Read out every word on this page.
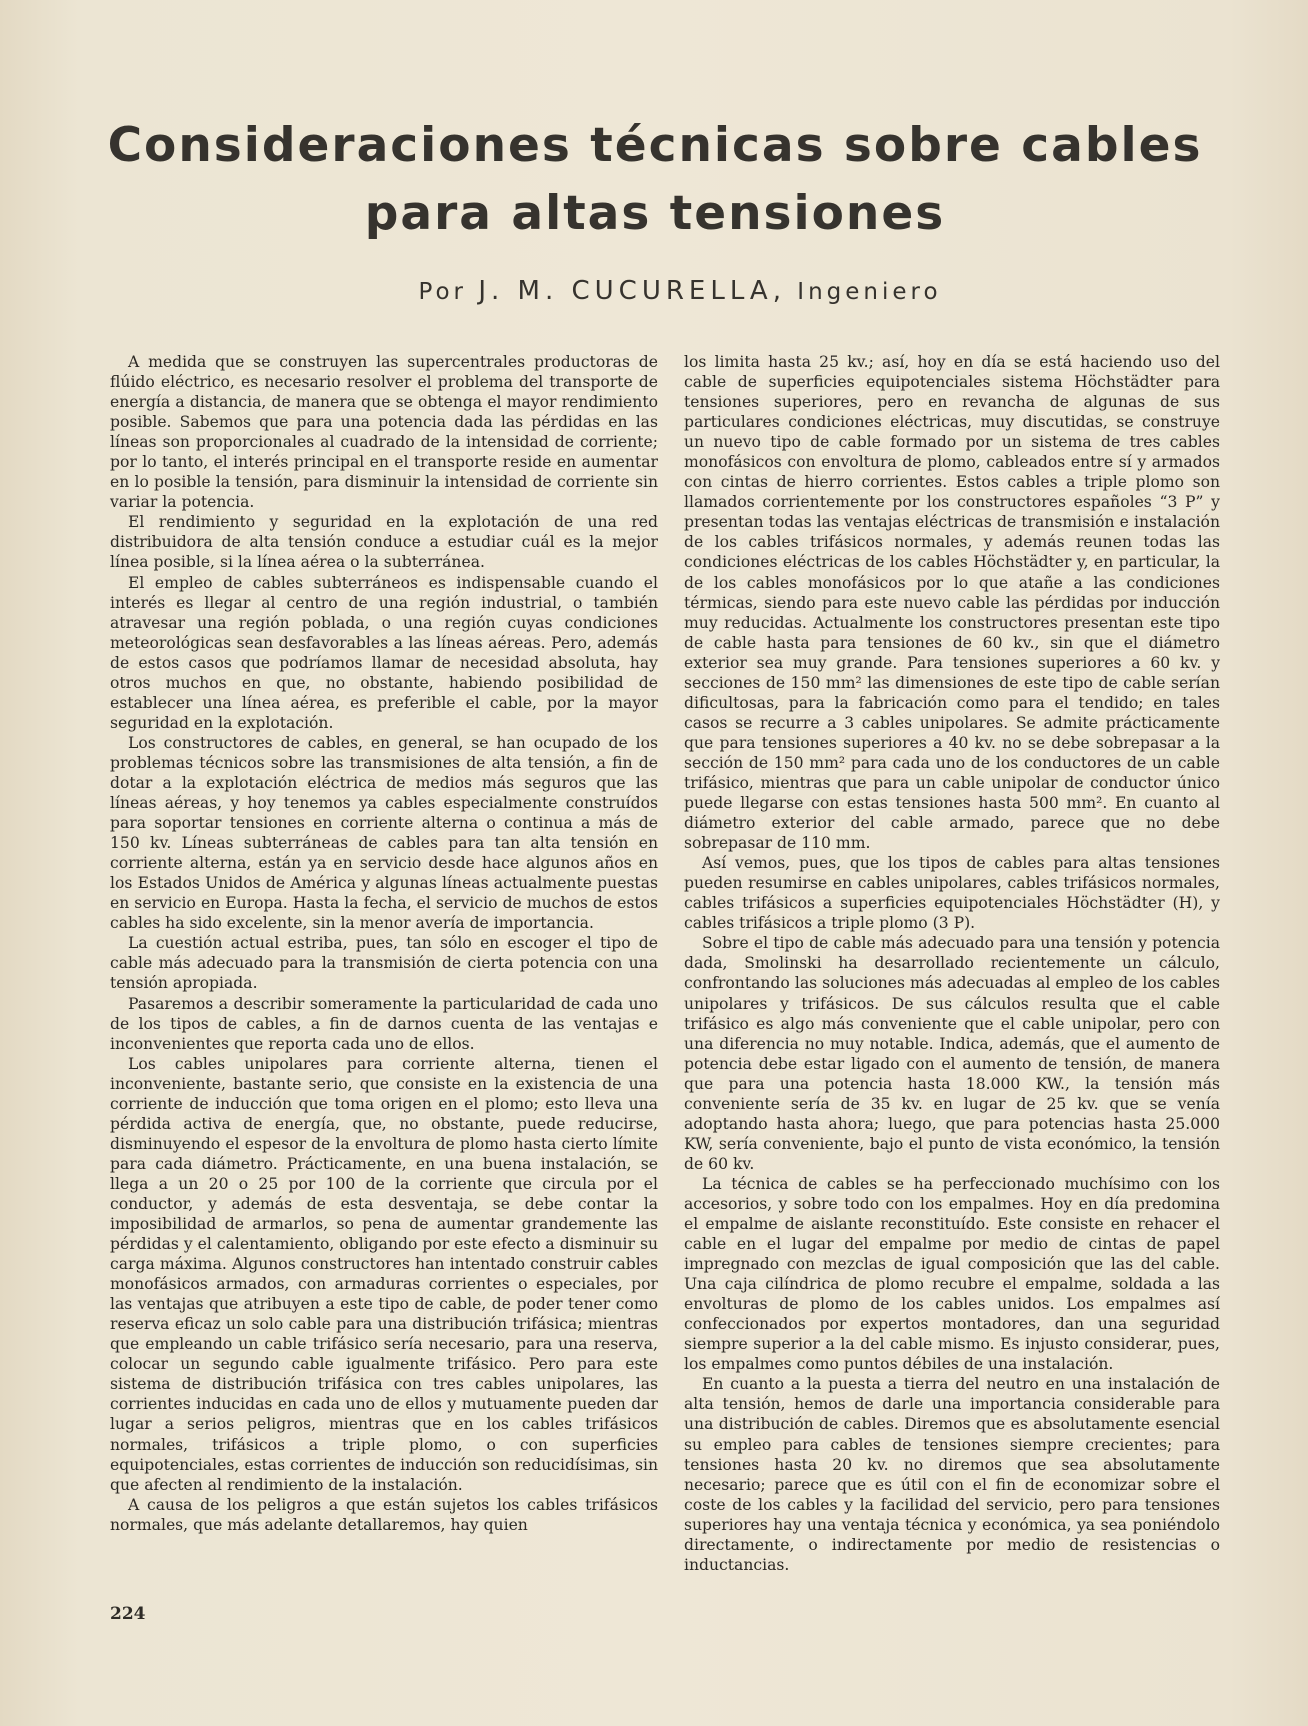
Consideraciones técnicas sobre cables para altas tensiones
Por J. M. CUCURELLA, Ingeniero

A medida que se construyen las supercentrales productoras de flúido eléctrico, es necesario resolver el problema del transporte de energía a distancia, de manera que se obtenga el mayor rendimiento posible. Sabemos que para una potencia dada las pérdidas en las líneas son proporcionales al cuadrado de la intensidad de corriente; por lo tanto, el interés principal en el transporte reside en aumentar en lo posible la tensión, para disminuir la intensidad de corriente sin variar la potencia.

El rendimiento y seguridad en la explotación de una red distribuidora de alta tensión conduce a estudiar cuál es la mejor línea posible, si la línea aérea o la subterránea.

El empleo de cables subterráneos es indispensable cuando el interés es llegar al centro de una región industrial, o también atravesar una región poblada, o una región cuyas condiciones meteorológicas sean desfavorables a las líneas aéreas. Pero, además de estos casos que podríamos llamar de necesidad absoluta, hay otros muchos en que, no obstante, habiendo posibilidad de establecer una línea aérea, es preferible el cable, por la mayor seguridad en la explotación.

Los constructores de cables, en general, se han ocupado de los problemas técnicos sobre las transmisiones de alta tensión, a fin de dotar a la explotación eléctrica de medios más seguros que las líneas aéreas, y hoy tenemos ya cables especialmente construídos para soportar tensiones en corriente alterna o continua a más de 150 kv. Líneas subterráneas de cables para tan alta tensión en corriente alterna, están ya en servicio desde hace algunos años en los Estados Unidos de América y algunas líneas actualmente puestas en servicio en Europa. Hasta la fecha, el servicio de muchos de estos cables ha sido excelente, sin la menor avería de importancia.

La cuestión actual estriba, pues, tan sólo en escoger el tipo de cable más adecuado para la transmisión de cierta potencia con una tensión apropiada.

Pasaremos a describir someramente la particularidad de cada uno de los tipos de cables, a fin de darnos cuenta de las ventajas e inconvenientes que reporta cada uno de ellos.

Los cables unipolares para corriente alterna, tienen el inconveniente, bastante serio, que consiste en la existencia de una corriente de inducción que toma origen en el plomo; esto lleva una pérdida activa de energía, que, no obstante, puede reducirse, disminuyendo el espesor de la envoltura de plomo hasta cierto límite para cada diámetro. Prácticamente, en una buena instalación, se llega a un 20 o 25 por 100 de la corriente que circula por el conductor, y además de esta desventaja, se debe contar la imposibilidad de armarlos, so pena de aumentar grandemente las pérdidas y el calentamiento, obligando por este efecto a disminuir su carga máxima. Algunos constructores han intentado construir cables monofásicos armados, con armaduras corrientes o especiales, por las ventajas que atribuyen a este tipo de cable, de poder tener como reserva eficaz un solo cable para una distribución trifásica; mientras que empleando un cable trifásico sería necesario, para una reserva, colocar un segundo cable igualmente trifásico. Pero para este sistema de distribución trifásica con tres cables unipolares, las corrientes inducidas en cada uno de ellos y mutuamente pueden dar lugar a serios peligros, mientras que en los cables trifásicos normales, trifásicos a triple plomo, o con superficies equipotenciales, estas corrientes de inducción son reducidísimas, sin que afecten al rendimiento de la instalación.

A causa de los peligros a que están sujetos los cables trifásicos normales, que más adelante detallaremos, hay quien

los limita hasta 25 kv.; así, hoy en día se está haciendo uso del cable de superficies equipotenciales sistema Höchstädter para tensiones superiores, pero en revancha de algunas de sus particulares condiciones eléctricas, muy discutidas, se construye un nuevo tipo de cable formado por un sistema de tres cables monofásicos con envoltura de plomo, cableados entre sí y armados con cintas de hierro corrientes. Estos cables a triple plomo son llamados corrientemente por los constructores españoles “3 P” y presentan todas las ventajas eléctricas de transmisión e instalación de los cables trifásicos normales, y además reunen todas las condiciones eléctricas de los cables Höchstädter y, en particular, la de los cables monofásicos por lo que atañe a las condiciones térmicas, siendo para este nuevo cable las pérdidas por inducción muy reducidas. Actualmente los constructores presentan este tipo de cable hasta para tensiones de 60 kv., sin que el diámetro exterior sea muy grande. Para tensiones superiores a 60 kv. y secciones de 150 mm² las dimensiones de este tipo de cable serían dificultosas, para la fabricación como para el tendido; en tales casos se recurre a 3 cables unipolares. Se admite prácticamente que para tensiones superiores a 40 kv. no se debe sobrepasar a la sección de 150 mm² para cada uno de los conductores de un cable trifásico, mientras que para un cable unipolar de conductor único puede llegarse con estas tensiones hasta 500 mm². En cuanto al diámetro exterior del cable armado, parece que no debe sobrepasar de 110 mm.

Así vemos, pues, que los tipos de cables para altas tensiones pueden resumirse en cables unipolares, cables trifásicos normales, cables trifásicos a superficies equipotenciales Höchstädter (H), y cables trifásicos a triple plomo (3 P).

Sobre el tipo de cable más adecuado para una tensión y potencia dada, Smolinski ha desarrollado recientemente un cálculo, confrontando las soluciones más adecuadas al empleo de los cables unipolares y trifásicos. De sus cálculos resulta que el cable trifásico es algo más conveniente que el cable unipolar, pero con una diferencia no muy notable. Indica, además, que el aumento de potencia debe estar ligado con el aumento de tensión, de manera que para una potencia hasta 18.000 KW., la tensión más conveniente sería de 35 kv. en lugar de 25 kv. que se venía adoptando hasta ahora; luego, que para potencias hasta 25.000 KW, sería conveniente, bajo el punto de vista económico, la tensión de 60 kv.

La técnica de cables se ha perfeccionado muchísimo con los accesorios, y sobre todo con los empalmes. Hoy en día predomina el empalme de aislante reconstituído. Este consiste en rehacer el cable en el lugar del empalme por medio de cintas de papel impregnado con mezclas de igual composición que las del cable. Una caja cilíndrica de plomo recubre el empalme, soldada a las envolturas de plomo de los cables unidos. Los empalmes así confeccionados por expertos montadores, dan una seguridad siempre superior a la del cable mismo. Es injusto considerar, pues, los empalmes como puntos débiles de una instalación.

En cuanto a la puesta a tierra del neutro en una instalación de alta tensión, hemos de darle una importancia considerable para una distribución de cables. Diremos que es absolutamente esencial su empleo para cables de tensiones siempre crecientes; para tensiones hasta 20 kv. no diremos que sea absolutamente necesario; parece que es útil con el fin de economizar sobre el coste de los cables y la facilidad del servicio, pero para tensiones superiores hay una ventaja técnica y económica, ya sea poniéndolo directamente, o indirectamente por medio de resistencias o inductancias.

224
